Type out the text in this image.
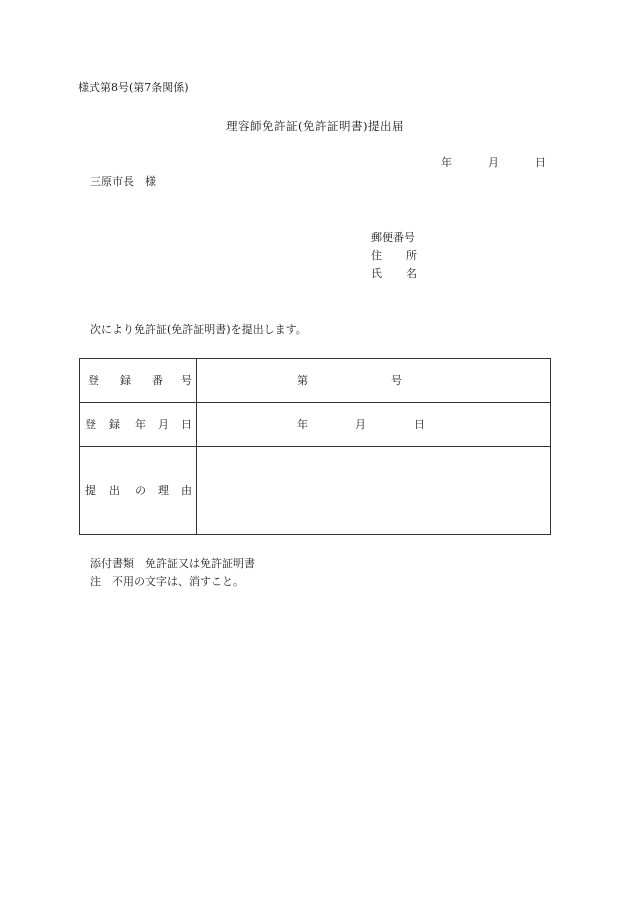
様式第8号(第7条関係)
理容師免許証(免許証明書)提出届
年	月	日
三原市長　様
郵便番号
住 所
氏 名
次により免許証(免許証明書)を提出します。
登 録 番 号	第	号
登 録 年 月 日	年	月	日
提 出 の 理 由
添付書類　免許証又は免許証明書
注　不用の文字は、消すこと。
